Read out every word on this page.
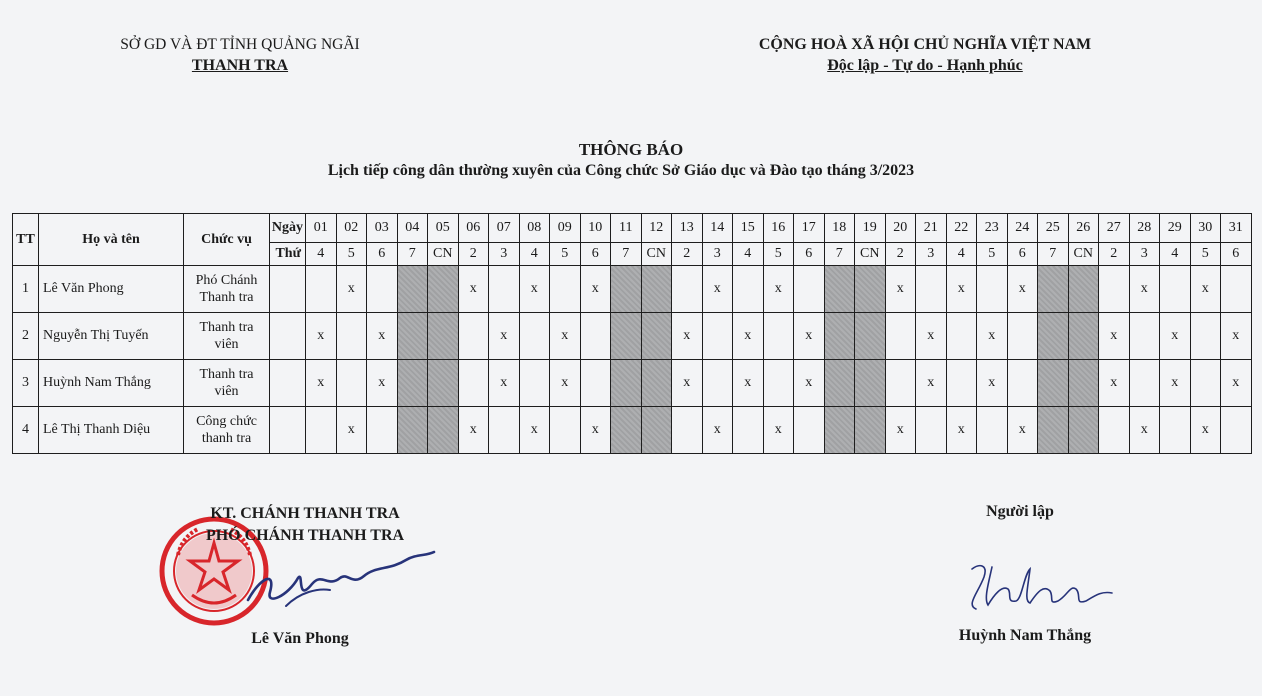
SỞ GD VÀ ĐT TỈNH QUẢNG NGÃI
THANH TRA
CỘNG HOÀ XÃ HỘI CHỦ NGHĨA VIỆT NAM
Độc lập - Tự do - Hạnh phúc
THÔNG BÁO
Lịch tiếp công dân thường xuyên của Công chức Sở Giáo dục và Đào tạo tháng 3/2023
TT	Họ và tên	Chức vụ	Ngày	01	02	03	04	05	06	07	08	09	10	11	12	13	14	15	16	17	18	19	20	21	22	23	24	25	26	27	28	29	30	31
			Thứ	4	5	6	7	CN	2	3	4	5	6	7	CN	2	3	4	5	6	7	CN	2	3	4	5	6	7	CN	2	3	4	5	6
1	Lê Văn Phong	Phó Chánh
Thanh tra			x				x		x		x				x		x				x		x		x				x		x	
2	Nguyễn Thị Tuyến	Thanh tra
viên		x		x				x		x				x		x		x				x		x				x		x		x
3	Huỳnh Nam Thắng	Thanh tra
viên		x		x				x		x				x		x		x				x		x				x		x		x
4	Lê Thị Thanh Diệu	Công chức
thanh tra			x				x		x		x				x		x				x		x		x				x		x	
KT. CHÁNH THANH TRA
PHÓ CHÁNH THANH TRA
Lê Văn Phong
Người lập
Huỳnh Nam Thắng
